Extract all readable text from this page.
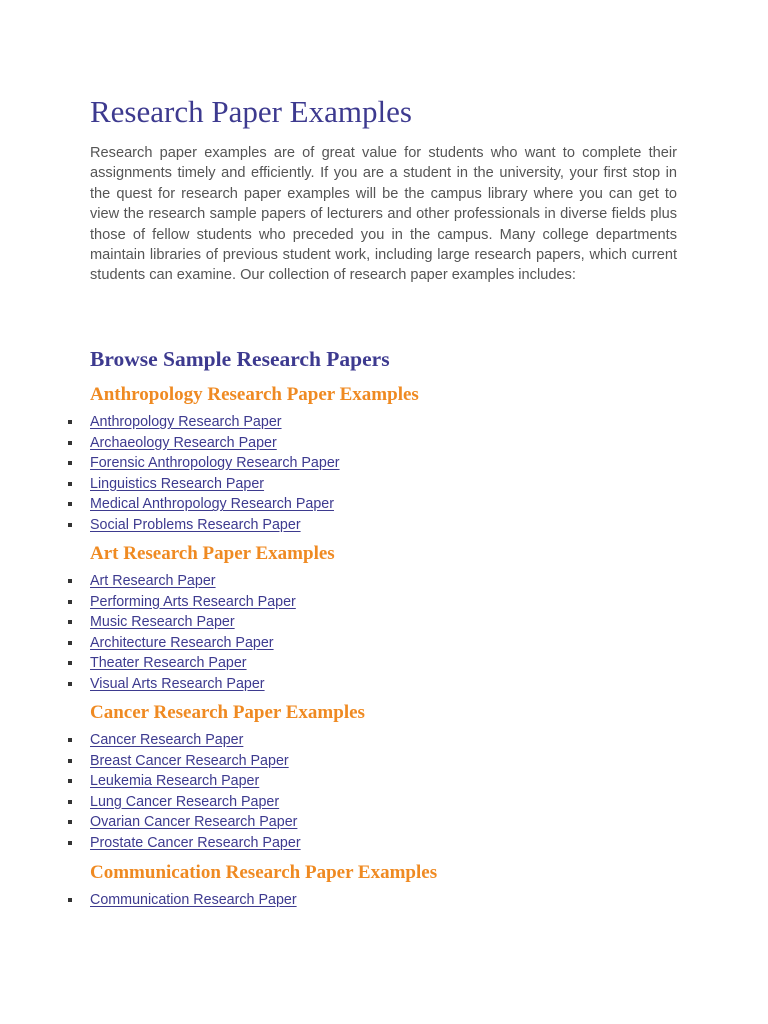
Research Paper Examples

Research paper examples are of great value for students who want to complete their assignments timely and efficiently. If you are a student in the university, your first stop in the quest for research paper examples will be the campus library where you can get to view the research sample papers of lecturers and other professionals in diverse fields plus those of fellow students who preceded you in the campus. Many college departments maintain libraries of previous student work, including large research papers, which current students can examine. Our collection of research paper examples includes:

Browse Sample Research Papers
Anthropology Research Paper Examples
Anthropology Research Paper
Archaeology Research Paper
Forensic Anthropology Research Paper
Linguistics Research Paper
Medical Anthropology Research Paper
Social Problems Research Paper
Art Research Paper Examples
Art Research Paper
Performing Arts Research Paper
Music Research Paper
Architecture Research Paper
Theater Research Paper
Visual Arts Research Paper
Cancer Research Paper Examples
Cancer Research Paper
Breast Cancer Research Paper
Leukemia Research Paper
Lung Cancer Research Paper
Ovarian Cancer Research Paper
Prostate Cancer Research Paper
Communication Research Paper Examples
Communication Research Paper
